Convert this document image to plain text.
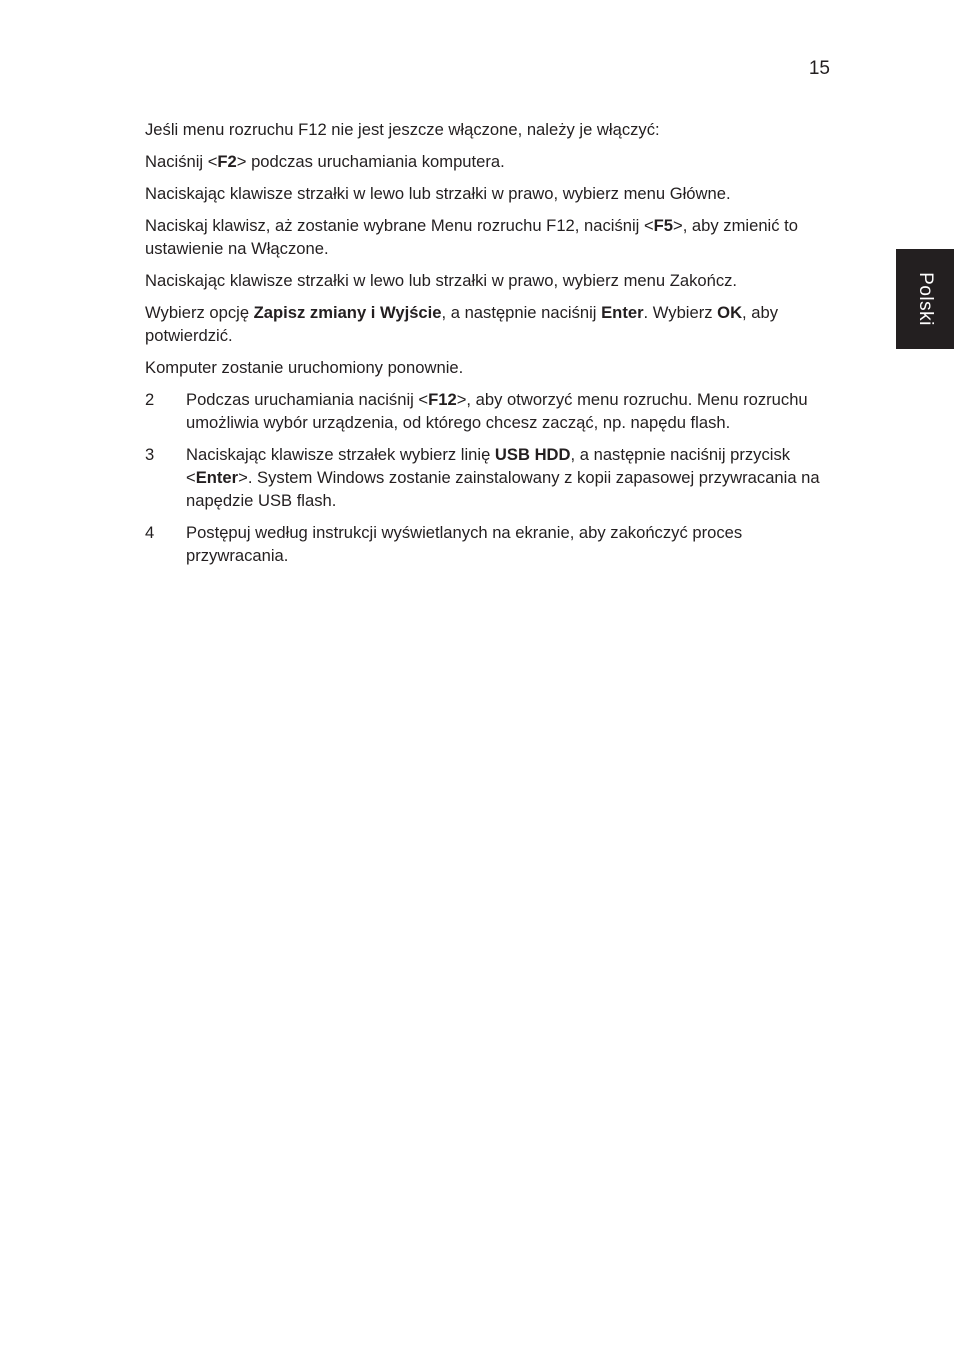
15
Polski

Jeśli menu rozruchu F12 nie jest jeszcze włączone, należy je włączyć:

Naciśnij <F2> podczas uruchamiania komputera.

Naciskając klawisze strzałki w lewo lub strzałki w prawo, wybierz menu Główne.

Naciskaj klawisz, aż zostanie wybrane Menu rozruchu F12, naciśnij <F5>, aby zmienić to ustawienie na Włączone.

Naciskając klawisze strzałki w lewo lub strzałki w prawo, wybierz menu Zakończ.

Wybierz opcję Zapisz zmiany i Wyjście, a następnie naciśnij Enter. Wybierz OK, aby potwierdzić.

Komputer zostanie uruchomiony ponownie.

2	Podczas uruchamiania naciśnij <F12>, aby otworzyć menu rozruchu. Menu rozruchu umożliwia wybór urządzenia, od którego chcesz zacząć, np. napędu flash.
3	Naciskając klawisze strzałek wybierz linię USB HDD, a następnie naciśnij przycisk <Enter>. System Windows zostanie zainstalowany z kopii zapasowej przywracania na napędzie USB flash.
4	Postępuj według instrukcji wyświetlanych na ekranie, aby zakończyć proces przywracania.
